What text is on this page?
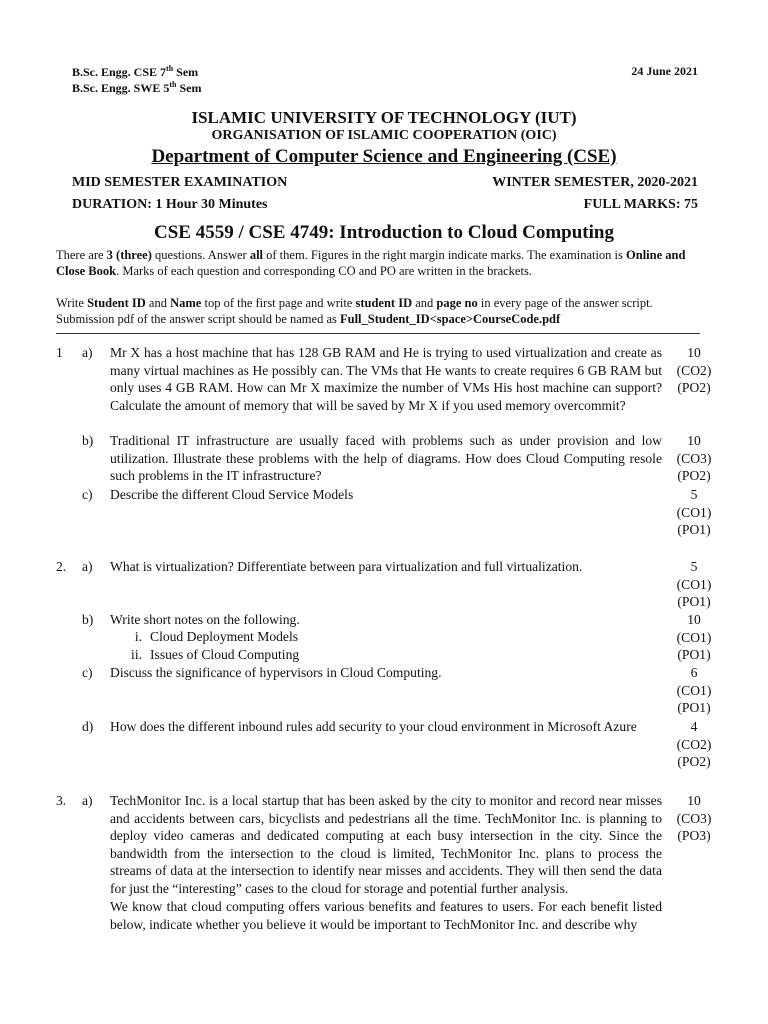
B.Sc. Engg. CSE 7th Sem
B.Sc. Engg. SWE 5th Sem
24 June 2021
ISLAMIC UNIVERSITY OF TECHNOLOGY (IUT)
ORGANISATION OF ISLAMIC COOPERATION (OIC)
Department of Computer Science and Engineering (CSE)
MID SEMESTER EXAMINATION	WINTER SEMESTER, 2020-2021
DURATION: 1 Hour 30 Minutes	FULL MARKS: 75
CSE 4559 / CSE 4749: Introduction to Cloud Computing
There are 3 (three) questions. Answer all of them. Figures in the right margin indicate marks. The examination is Online and Close Book. Marks of each question and corresponding CO and PO are written in the brackets.
Write Student ID and Name top of the first page and write student ID and page no in every page of the answer script. Submission pdf of the answer script should be named as Full_Student_ID<space>CourseCode.pdf
1 a) Mr X has a host machine that has 128 GB RAM and He is trying to used virtualization and create as many virtual machines as He possibly can. The VMs that He wants to create requires 6 GB RAM but only uses 4 GB RAM. How can Mr X maximize the number of VMs His host machine can support? Calculate the amount of memory that will be saved by Mr X if you used memory overcommit?
10
(CO2)
(PO2)
b) Traditional IT infrastructure are usually faced with problems such as under provision and low utilization. Illustrate these problems with the help of diagrams. How does Cloud Computing resole such problems in the IT infrastructure?
10
(CO3)
(PO2)
c) Describe the different Cloud Service Models	5
(CO1)
(PO1)
2. a) What is virtualization? Differentiate between para virtualization and full virtualization.	5
(CO1)
(PO1)
b) Write short notes on the following.
i. Cloud Deployment Models
ii. Issues of Cloud Computing
10
(CO1)
(PO1)
c) Discuss the significance of hypervisors in Cloud Computing.	6
(CO1)
(PO1)
d) How does the different inbound rules add security to your cloud environment in Microsoft Azure	4
(CO2)
(PO2)
3. a) TechMonitor Inc. is a local startup that has been asked by the city to monitor and record near misses and accidents between cars, bicyclists and pedestrians all the time. TechMonitor Inc. is planning to deploy video cameras and dedicated computing at each busy intersection in the city. Since the bandwidth from the intersection to the cloud is limited, TechMonitor Inc. plans to process the streams of data at the intersection to identify near misses and accidents. They will then send the data for just the “interesting” cases to the cloud for storage and potential further analysis.
We know that cloud computing offers various benefits and features to users. For each benefit listed below, indicate whether you believe it would be important to TechMonitor Inc. and describe why
10
(CO3)
(PO3)
